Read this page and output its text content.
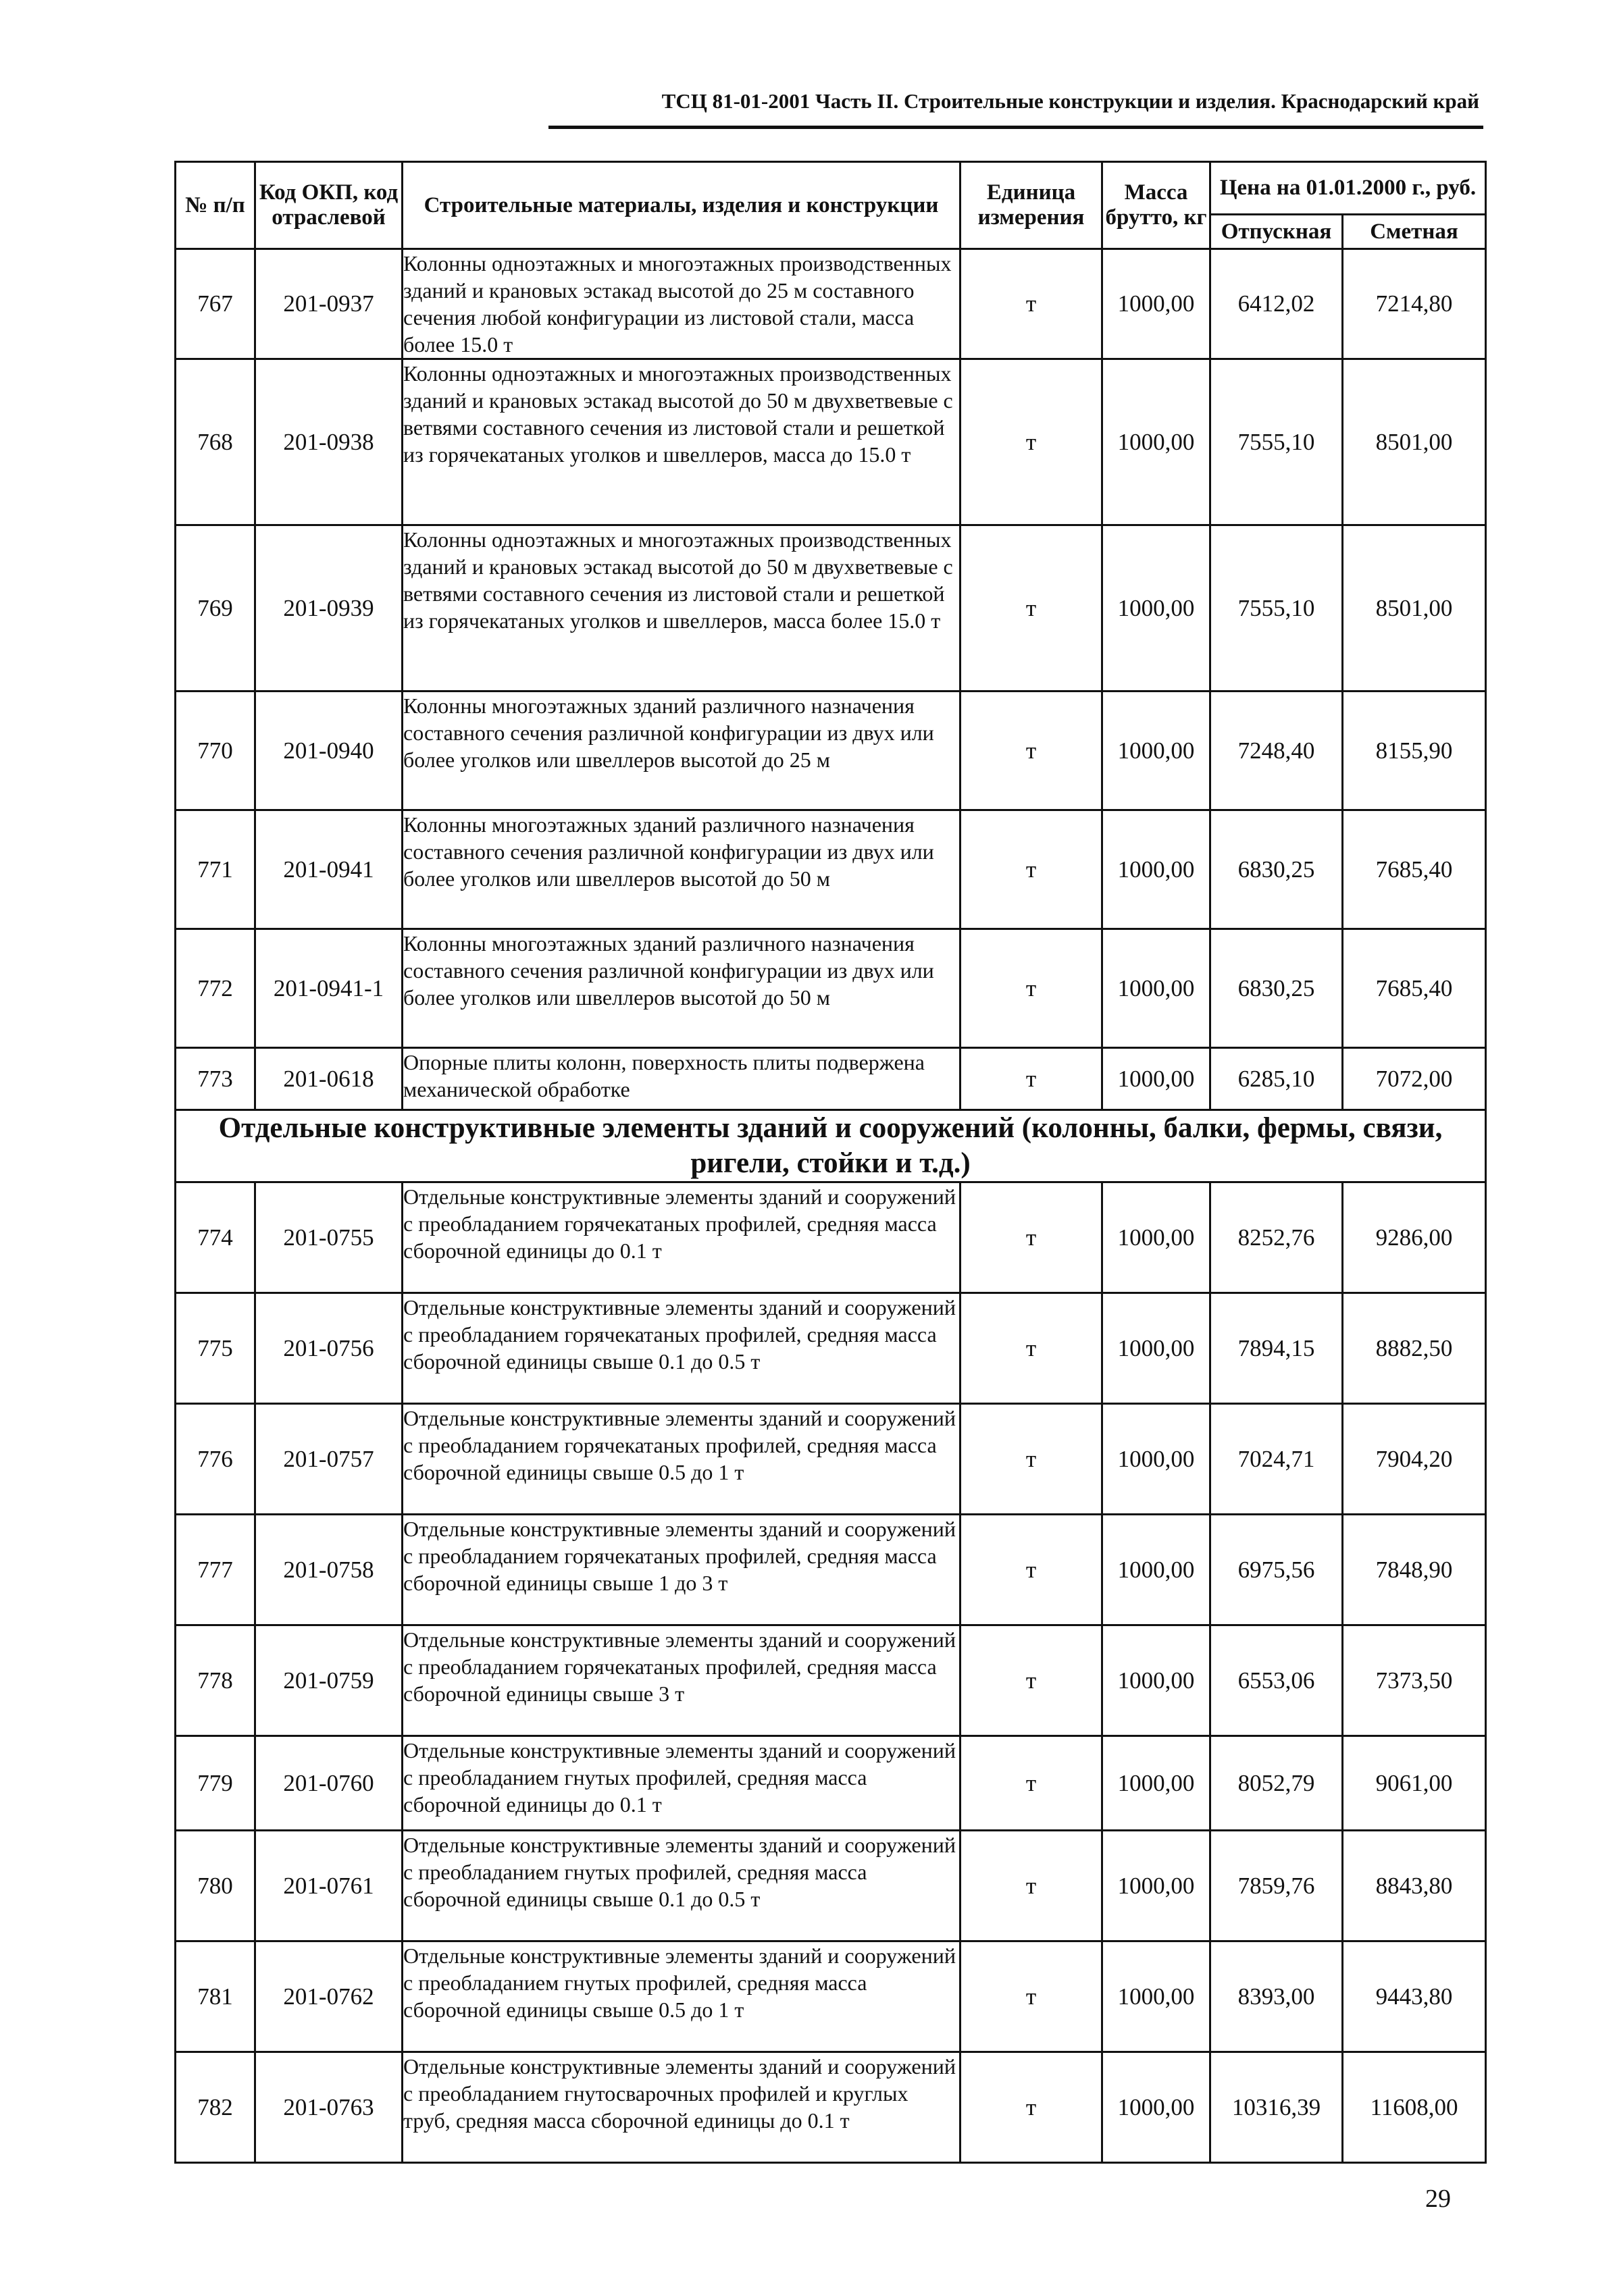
ТСЦ 81-01-2001 Часть II. Строительные конструкции и изделия. Краснодарский край
№ п/п	Код ОКП, код отраслевой	Строительные материалы, изделия и конструкции	Единица измерения	Масса брутто, кг	Цена на 01.01.2000 г., руб.	
					Отпускная	Сметная
767	201-0937	Колонны одноэтажных и многоэтажных производственных зданий и крановых эстакад высотой до 25 м составного сечения любой конфигурации из листовой стали, масса более 15.0 т	т	1000,00	6412,02	7214,80
768	201-0938	Колонны одноэтажных и многоэтажных производственных зданий и крановых эстакад высотой до 50 м двухветвевые с ветвями составного сечения из листовой стали и решеткой из горячекатаных уголков и швеллеров, масса до 15.0 т	т	1000,00	7555,10	8501,00
769	201-0939	Колонны одноэтажных и многоэтажных производственных зданий и крановых эстакад высотой до 50 м двухветвевые с ветвями составного сечения из листовой стали и решеткой из горячекатаных уголков и швеллеров, масса более 15.0 т	т	1000,00	7555,10	8501,00
770	201-0940	Колонны многоэтажных зданий различного назначения составного сечения различной конфигурации из двух или более уголков или швеллеров высотой до 25 м	т	1000,00	7248,40	8155,90
771	201-0941	Колонны многоэтажных зданий различного назначения составного сечения различной конфигурации из двух или более уголков или швеллеров высотой до 50 м	т	1000,00	6830,25	7685,40
772	201-0941-1	Колонны многоэтажных зданий различного назначения составного сечения различной конфигурации из двух или более уголков или швеллеров высотой до 50 м	т	1000,00	6830,25	7685,40
773	201-0618	Опорные плиты колонн, поверхность плиты подвержена механической обработке	т	1000,00	6285,10	7072,00
Отдельные конструктивные элементы зданий и сооружений (колонны, балки, фермы, связи, ригели, стойки и т.д.)						
774	201-0755	Отдельные конструктивные элементы зданий и сооружений с преобладанием горячекатаных профилей, средняя масса сборочной единицы до 0.1 т	т	1000,00	8252,76	9286,00
775	201-0756	Отдельные конструктивные элементы зданий и сооружений с преобладанием горячекатаных профилей, средняя масса сборочной единицы свыше 0.1 до 0.5 т	т	1000,00	7894,15	8882,50
776	201-0757	Отдельные конструктивные элементы зданий и сооружений с преобладанием горячекатаных профилей, средняя масса сборочной единицы свыше 0.5 до 1 т	т	1000,00	7024,71	7904,20
777	201-0758	Отдельные конструктивные элементы зданий и сооружений с преобладанием горячекатаных профилей, средняя масса сборочной единицы свыше 1 до 3 т	т	1000,00	6975,56	7848,90
778	201-0759	Отдельные конструктивные элементы зданий и сооружений с преобладанием горячекатаных профилей, средняя масса сборочной единицы свыше 3 т	т	1000,00	6553,06	7373,50
779	201-0760	Отдельные конструктивные элементы зданий и сооружений с преобладанием гнутых профилей, средняя масса сборочной единицы до 0.1 т	т	1000,00	8052,79	9061,00
780	201-0761	Отдельные конструктивные элементы зданий и сооружений с преобладанием гнутых профилей, средняя масса сборочной единицы свыше 0.1 до 0.5 т	т	1000,00	7859,76	8843,80
781	201-0762	Отдельные конструктивные элементы зданий и сооружений с преобладанием гнутых профилей, средняя масса сборочной единицы свыше 0.5 до 1 т	т	1000,00	8393,00	9443,80
782	201-0763	Отдельные конструктивные элементы зданий и сооружений с преобладанием гнутосварочных профилей и круглых труб, средняя масса сборочной единицы до 0.1 т	т	1000,00	10316,39	11608,00
29
